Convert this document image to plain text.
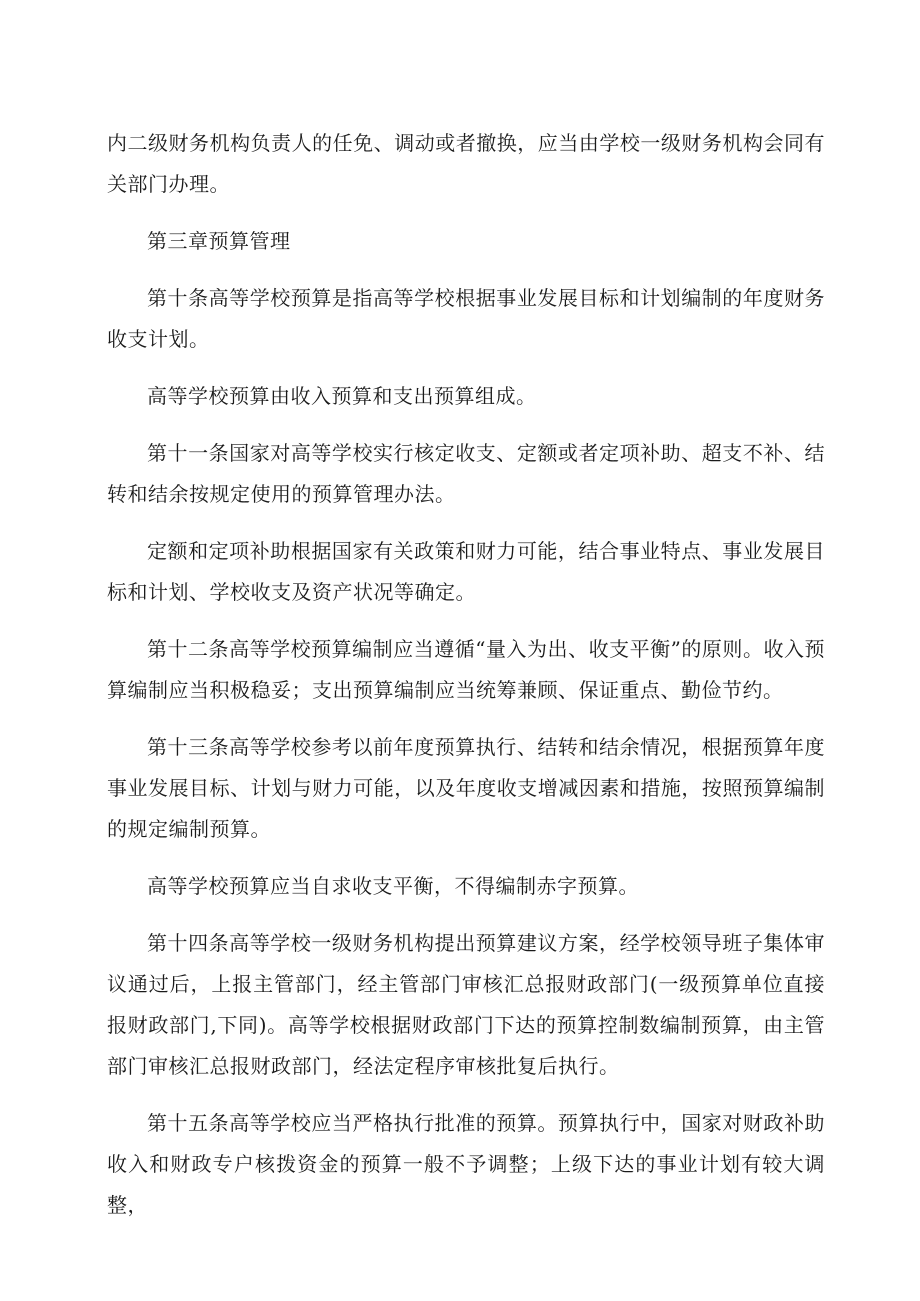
内二级财务机构负责人的任免、调动或者撤换，应当由学校一级财务机构会同有关部门办理。

第三章预算管理

第十条高等学校预算是指高等学校根据事业发展目标和计划编制的年度财务收支计划。

高等学校预算由收入预算和支出预算组成。

第十一条国家对高等学校实行核定收支、定额或者定项补助、超支不补、结转和结余按规定使用的预算管理办法。

定额和定项补助根据国家有关政策和财力可能，结合事业特点、事业发展目标和计划、学校收支及资产状况等确定。

第十二条高等学校预算编制应当遵循“量入为出、收支平衡”的原则。收入预算编制应当积极稳妥；支出预算编制应当统筹兼顾、保证重点、勤俭节约。

第十三条高等学校参考以前年度预算执行、结转和结余情况，根据预算年度事业发展目标、计划与财力可能，以及年度收支增减因素和措施，按照预算编制的规定编制预算。

高等学校预算应当自求收支平衡，不得编制赤字预算。

第十四条高等学校一级财务机构提出预算建议方案，经学校领导班子集体审议通过后，上报主管部门，经主管部门审核汇总报财政部门(一级预算单位直接报财政部门,下同)。高等学校根据财政部门下达的预算控制数编制预算，由主管部门审核汇总报财政部门，经法定程序审核批复后执行。

第十五条高等学校应当严格执行批准的预算。预算执行中，国家对财政补助收入和财政专户核拨资金的预算一般不予调整；上级下达的事业计划有较大调整，
